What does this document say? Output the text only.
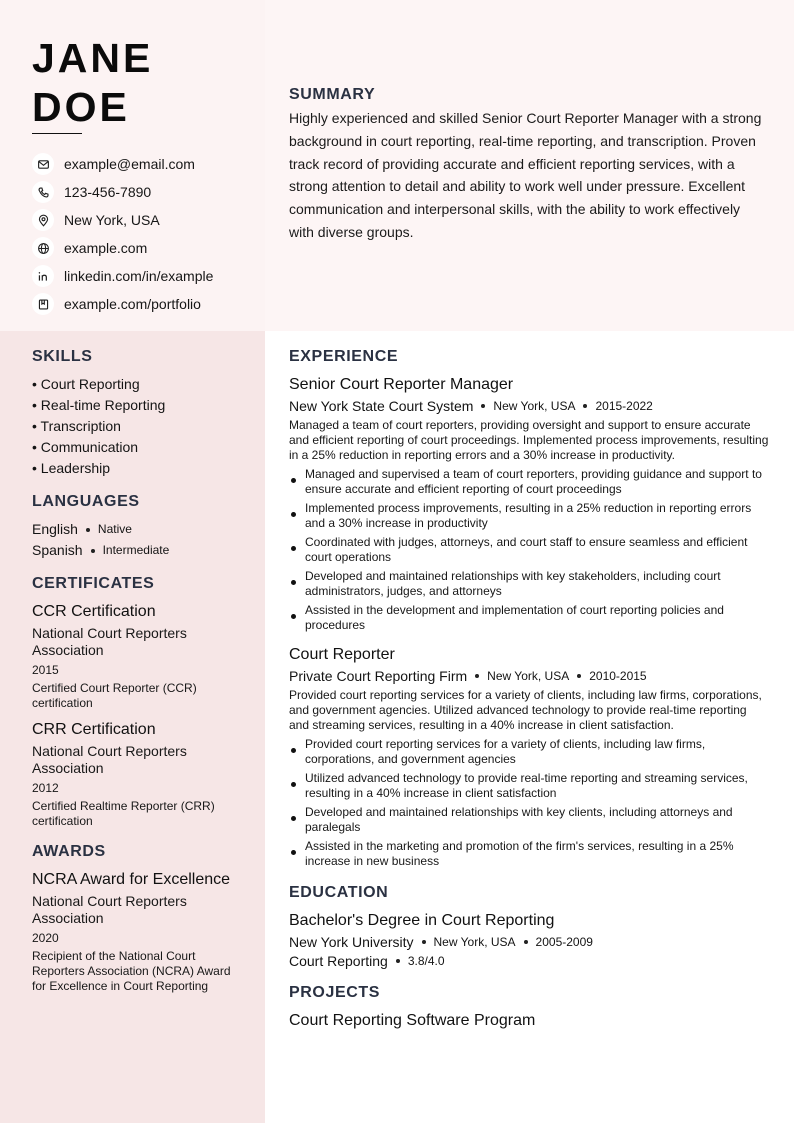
JANE
DOE
example@email.com
123-456-7890
New York, USA
example.com
linkedin.com/in/example
example.com/portfolio
SUMMARY

Highly experienced and skilled Senior Court Reporter Manager with a strong background in court reporting, real-time reporting, and transcription. Proven track record of providing accurate and efficient reporting services, with a strong attention to detail and ability to work well under pressure. Excellent communication and interpersonal skills, with the ability to work effectively with diverse groups.

SKILLS
• Court Reporting
• Real-time Reporting
• Transcription
• Communication
• Leadership
LANGUAGES
English Native
Spanish Intermediate
CERTIFICATES
CCR Certification
National Court Reporters Association
2015
Certified Court Reporter (CCR) certification
CRR Certification
National Court Reporters Association
2012
Certified Realtime Reporter (CRR) certification
AWARDS
NCRA Award for Excellence
National Court Reporters Association
2020
Recipient of the National Court Reporters Association (NCRA) Award for Excellence in Court Reporting
EXPERIENCE
Senior Court Reporter Manager
New York State Court System New York, USA 2015-2022

Managed a team of court reporters, providing oversight and support to ensure accurate and efficient reporting of court proceedings. Implemented process improvements, resulting in a 25% reduction in reporting errors and a 30% increase in productivity.

Managed and supervised a team of court reporters, providing guidance and support to ensure accurate and efficient reporting of court proceedings
Implemented process improvements, resulting in a 25% reduction in reporting errors and a 30% increase in productivity
Coordinated with judges, attorneys, and court staff to ensure seamless and efficient court operations
Developed and maintained relationships with key stakeholders, including court administrators, judges, and attorneys
Assisted in the development and implementation of court reporting policies and procedures
Court Reporter
Private Court Reporting Firm New York, USA 2010-2015

Provided court reporting services for a variety of clients, including law firms, corporations, and government agencies. Utilized advanced technology to provide real-time reporting and streaming services, resulting in a 40% increase in client satisfaction.

Provided court reporting services for a variety of clients, including law firms, corporations, and government agencies
Utilized advanced technology to provide real-time reporting and streaming services, resulting in a 40% increase in client satisfaction
Developed and maintained relationships with key clients, including attorneys and paralegals
Assisted in the marketing and promotion of the firm's services, resulting in a 25% increase in new business
EDUCATION
Bachelor's Degree in Court Reporting
New York University New York, USA 2005-2009
Court Reporting 3.8/4.0
PROJECTS
Court Reporting Software Program
